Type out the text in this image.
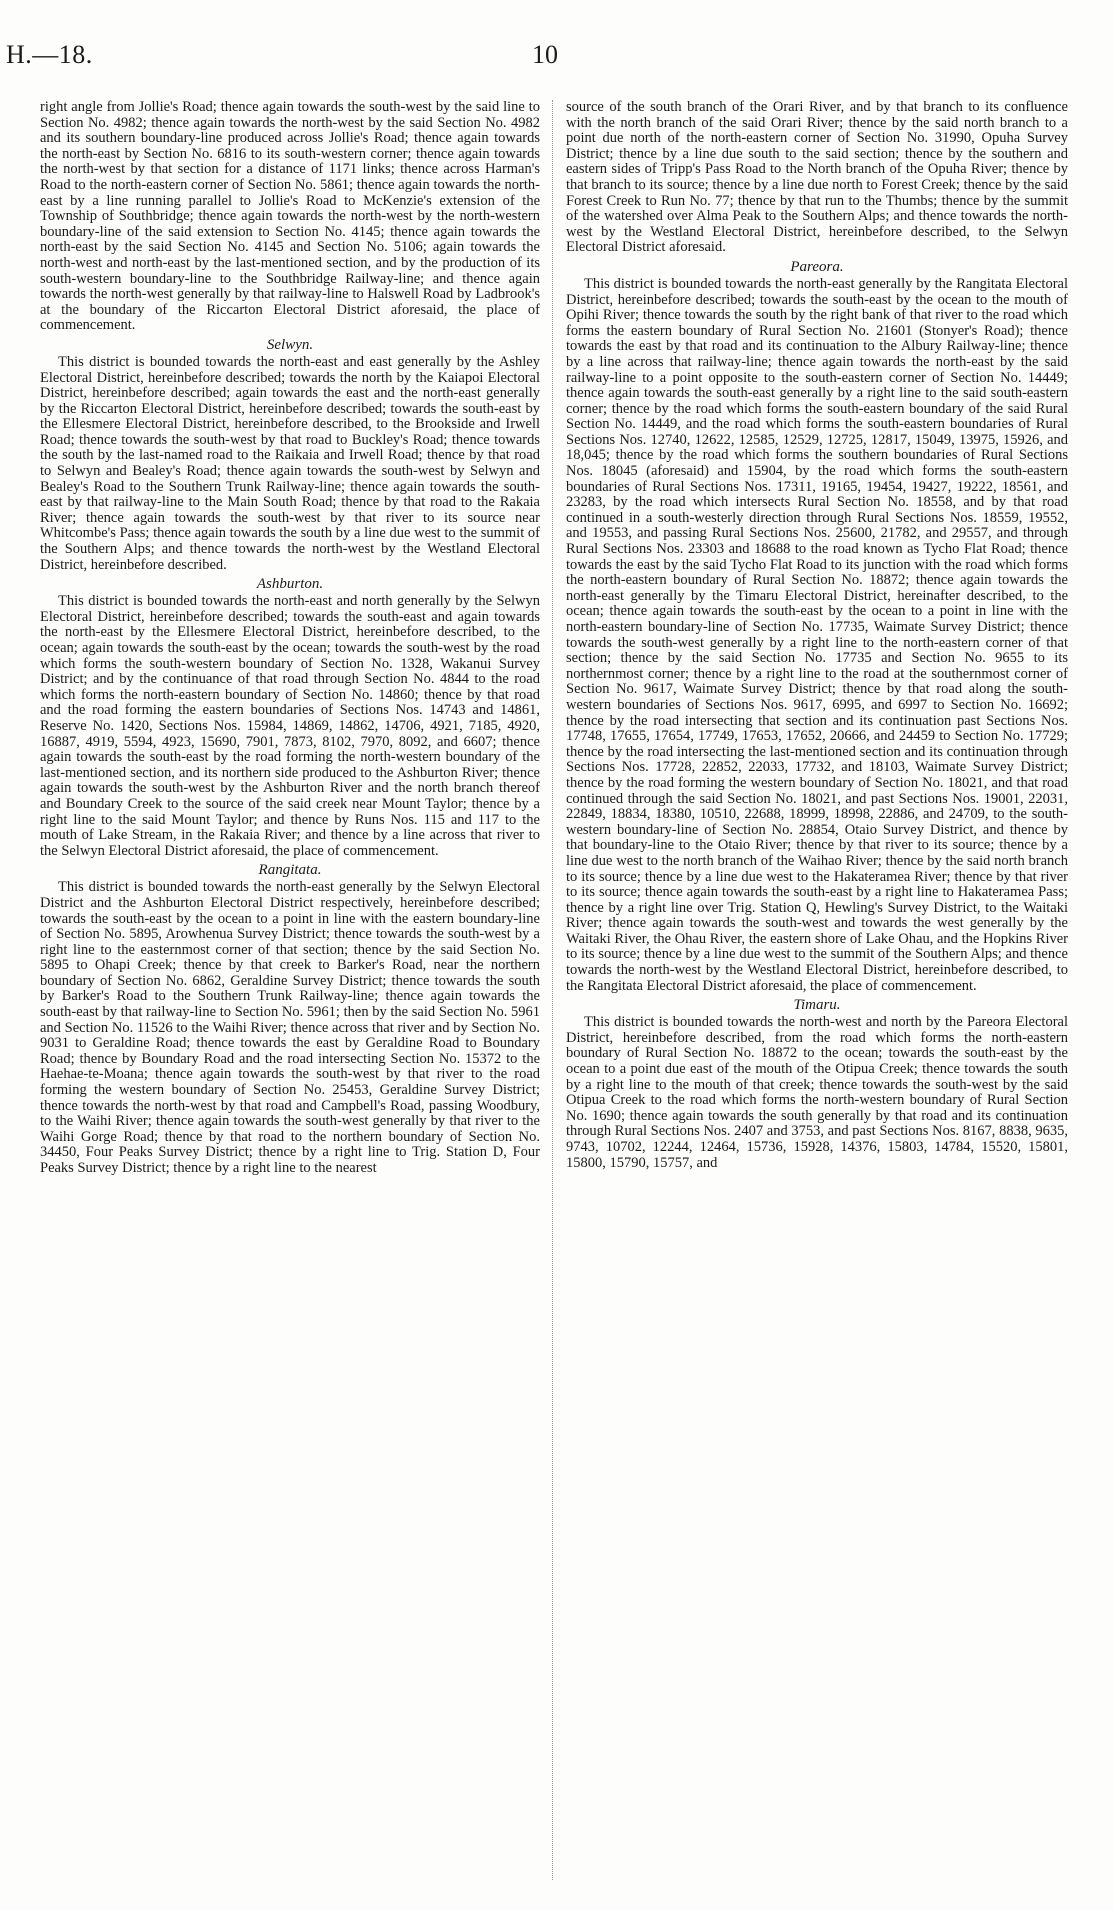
H.—18.	10

right angle from Jollie's Road; thence again towards the south-west by the said line to Section No. 4982; thence again towards the north-west by the said Section No. 4982 and its southern boundary-line produced across Jollie's Road; thence again towards the north-east by Section No. 6816 to its south-western corner; thence again towards the north-west by that section for a distance of 1171 links; thence across Harman's Road to the north-eastern corner of Section No. 5861; thence again towards the north-east by a line running parallel to Jollie's Road to McKenzie's extension of the Township of Southbridge; thence again towards the north-west by the north-western boundary-line of the said extension to Section No. 4145; thence again towards the north-east by the said Section No. 4145 and Section No. 5106; again towards the north-west and north-east by the last-mentioned section, and by the production of its south-western boundary-line to the Southbridge Railway-line; and thence again towards the north-west generally by that railway-line to Halswell Road by Ladbrook's at the boundary of the Riccarton Electoral District aforesaid, the place of commencement.

Selwyn.

This district is bounded towards the north-east and east generally by the Ashley Electoral District, hereinbefore described; towards the north by the Kaiapoi Electoral District, hereinbefore described; again towards the east and the north-east generally by the Riccarton Electoral District, hereinbefore described; towards the south-east by the Ellesmere Electoral District, hereinbefore described, to the Brookside and Irwell Road; thence towards the south-west by that road to Buckley's Road; thence towards the south by the last-named road to the Raikaia and Irwell Road; thence by that road to Selwyn and Bealey's Road; thence again towards the south-west by Selwyn and Bealey's Road to the Southern Trunk Railway-line; thence again towards the south-east by that railway-line to the Main South Road; thence by that road to the Rakaia River; thence again towards the south-west by that river to its source near Whitcombe's Pass; thence again towards the south by a line due west to the summit of the Southern Alps; and thence towards the north-west by the Westland Electoral District, hereinbefore described.

Ashburton.

This district is bounded towards the north-east and north generally by the Selwyn Electoral District, hereinbefore described; towards the south-east and again towards the north-east by the Ellesmere Electoral District, hereinbefore described, to the ocean; again towards the south-east by the ocean; towards the south-west by the road which forms the south-western boundary of Section No. 1328, Wakanui Survey District; and by the continuance of that road through Section No. 4844 to the road which forms the north-eastern boundary of Section No. 14860; thence by that road and the road forming the eastern boundaries of Sections Nos. 14743 and 14861, Reserve No. 1420, Sections Nos. 15984, 14869, 14862, 14706, 4921, 7185, 4920, 16887, 4919, 5594, 4923, 15690, 7901, 7873, 8102, 7970, 8092, and 6607; thence again towards the south-east by the road forming the north-western boundary of the last-mentioned section, and its northern side produced to the Ashburton River; thence again towards the south-west by the Ashburton River and the north branch thereof and Boundary Creek to the source of the said creek near Mount Taylor; thence by a right line to the said Mount Taylor; and thence by Runs Nos. 115 and 117 to the mouth of Lake Stream, in the Rakaia River; and thence by a line across that river to the Selwyn Electoral District aforesaid, the place of commencement.

Rangitata.

This district is bounded towards the north-east generally by the Selwyn Electoral District and the Ashburton Electoral District respectively, hereinbefore described; towards the south-east by the ocean to a point in line with the eastern boundary-line of Section No. 5895, Arowhenua Survey District; thence towards the south-west by a right line to the easternmost corner of that section; thence by the said Section No. 5895 to Ohapi Creek; thence by that creek to Barker's Road, near the northern boundary of Section No. 6862, Geraldine Survey District; thence towards the south by Barker's Road to the Southern Trunk Railway-line; thence again towards the south-east by that railway-line to Section No. 5961; then by the said Section No. 5961 and Section No. 11526 to the Waihi River; thence across that river and by Section No. 9031 to Geraldine Road; thence towards the east by Geraldine Road to Boundary Road; thence by Boundary Road and the road intersecting Section No. 15372 to the Haehae-te-Moana; thence again towards the south-west by that river to the road forming the western boundary of Section No. 25453, Geraldine Survey District; thence towards the north-west by that road and Campbell's Road, passing Woodbury, to the Waihi River; thence again towards the south-west generally by that river to the Waihi Gorge Road; thence by that road to the northern boundary of Section No. 34450, Four Peaks Survey District; thence by a right line to Trig. Station D, Four Peaks Survey District; thence by a right line to the nearest

source of the south branch of the Orari River, and by that branch to its confluence with the north branch of the said Orari River; thence by the said north branch to a point due north of the north-eastern corner of Section No. 31990, Opuha Survey District; thence by a line due south to the said section; thence by the southern and eastern sides of Tripp's Pass Road to the North branch of the Opuha River; thence by that branch to its source; thence by a line due north to Forest Creek; thence by the said Forest Creek to Run No. 77; thence by that run to the Thumbs; thence by the summit of the watershed over Alma Peak to the Southern Alps; and thence towards the north-west by the Westland Electoral District, hereinbefore described, to the Selwyn Electoral District aforesaid.

Pareora.

This district is bounded towards the north-east generally by the Rangitata Electoral District, hereinbefore described; towards the south-east by the ocean to the mouth of Opihi River; thence towards the south by the right bank of that river to the road which forms the eastern boundary of Rural Section No. 21601 (Stonyer's Road); thence towards the east by that road and its continuation to the Albury Railway-line; thence by a line across that railway-line; thence again towards the north-east by the said railway-line to a point opposite to the south-eastern corner of Section No. 14449; thence again towards the south-east generally by a right line to the said south-eastern corner; thence by the road which forms the south-eastern boundary of the said Rural Section No. 14449, and the road which forms the south-eastern boundaries of Rural Sections Nos. 12740, 12622, 12585, 12529, 12725, 12817, 15049, 13975, 15926, and 18,045; thence by the road which forms the southern boundaries of Rural Sections Nos. 18045 (aforesaid) and 15904, by the road which forms the south-eastern boundaries of Rural Sections Nos. 17311, 19165, 19454, 19427, 19222, 18561, and 23283, by the road which intersects Rural Section No. 18558, and by that road continued in a south-westerly direction through Rural Sections Nos. 18559, 19552, and 19553, and passing Rural Sections Nos. 25600, 21782, and 29557, and through Rural Sections Nos. 23303 and 18688 to the road known as Tycho Flat Road; thence towards the east by the said Tycho Flat Road to its junction with the road which forms the north-eastern boundary of Rural Section No. 18872; thence again towards the north-east generally by the Timaru Electoral District, hereinafter described, to the ocean; thence again towards the south-east by the ocean to a point in line with the north-eastern boundary-line of Section No. 17735, Waimate Survey District; thence towards the south-west generally by a right line to the north-eastern corner of that section; thence by the said Section No. 17735 and Section No. 9655 to its northernmost corner; thence by a right line to the road at the southernmost corner of Section No. 9617, Waimate Survey District; thence by that road along the south-western boundaries of Sections Nos. 9617, 6995, and 6997 to Section No. 16692; thence by the road intersecting that section and its continuation past Sections Nos. 17748, 17655, 17654, 17749, 17653, 17652, 20666, and 24459 to Section No. 17729; thence by the road intersecting the last-mentioned section and its continuation through Sections Nos. 17728, 22852, 22033, 17732, and 18103, Waimate Survey District; thence by the road forming the western boundary of Section No. 18021, and that road continued through the said Section No. 18021, and past Sections Nos. 19001, 22031, 22849, 18834, 18380, 10510, 22688, 18999, 18998, 22886, and 24709, to the south-western boundary-line of Section No. 28854, Otaio Survey District, and thence by that boundary-line to the Otaio River; thence by that river to its source; thence by a line due west to the north branch of the Waihao River; thence by the said north branch to its source; thence by a line due west to the Hakateramea River; thence by that river to its source; thence again towards the south-east by a right line to Hakateramea Pass; thence by a right line over Trig. Station Q, Hewling's Survey District, to the Waitaki River; thence again towards the south-west and towards the west generally by the Waitaki River, the Ohau River, the eastern shore of Lake Ohau, and the Hopkins River to its source; thence by a line due west to the summit of the Southern Alps; and thence towards the north-west by the Westland Electoral District, hereinbefore described, to the Rangitata Electoral District aforesaid, the place of commencement.

Timaru.

This district is bounded towards the north-west and north by the Pareora Electoral District, hereinbefore described, from the road which forms the north-eastern boundary of Rural Section No. 18872 to the ocean; towards the south-east by the ocean to a point due east of the mouth of the Otipua Creek; thence towards the south by a right line to the mouth of that creek; thence towards the south-west by the said Otipua Creek to the road which forms the north-western boundary of Rural Section No. 1690; thence again towards the south generally by that road and its continuation through Rural Sections Nos. 2407 and 3753, and past Sections Nos. 8167, 8838, 9635, 9743, 10702, 12244, 12464, 15736, 15928, 14376, 15803, 14784, 15520, 15801, 15800, 15790, 15757, and
